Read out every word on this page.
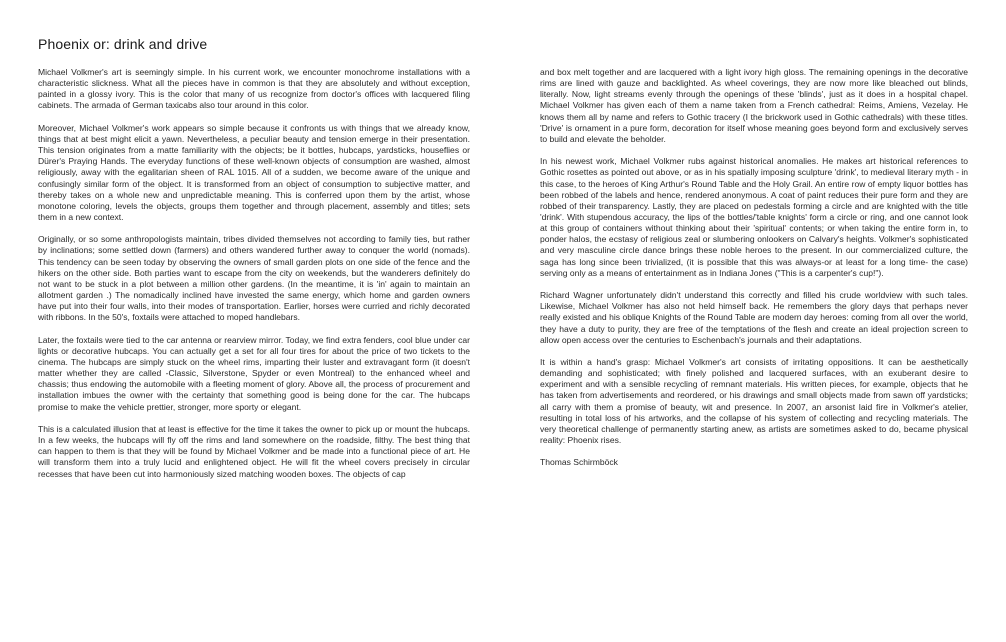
Phoenix or: drink and drive

Michael Volkmer's art is seemingly simple. In his current work, we encounter monochrome installations with a characteristic slickness. What all the pieces have in common is that they are absolutely and without exception, painted in a glossy ivory. This is the color that many of us recognize from doctor's offices with lacquered filing cabinets. The armada of German taxicabs also tour around in this color.

Moreover, Michael Volkmer's work appears so simple because it confronts us with things that we already know, things that at best might elicit a yawn. Nevertheless, a peculiar beauty and tension emerge in their presentation. This tension originates from a matte familiarity with the objects; be it bottles, hubcaps, yardsticks, houseflies or Dürer's Praying Hands. The everyday functions of these well-known objects of consumption are washed, almost religiously, away with the egalitarian sheen of RAL 1015. All of a sudden, we become aware of the unique and confusingly similar form of the object. It is transformed from an object of consumption to subjective matter, and thereby takes on a whole new and unpredictable meaning. This is conferred upon them by the artist, whose monotone coloring, levels the objects, groups them together and through placement, assembly and titles; sets them in a new context.

Originally, or so some anthropologists maintain, tribes divided themselves not according to family ties, but rather by inclinations; some settled down (farmers) and others wandered further away to conquer the world (nomads). This tendency can be seen today by observing the owners of small garden plots on one side of the fence and the hikers on the other side. Both parties want to escape from the city on weekends, but the wanderers definitely do not want to be stuck in a plot between a million other gardens. (In the meantime, it is 'in' again to maintain an allotment garden .) The nomadically inclined have invested the same energy, which home and garden owners have put into their four walls, into their modes of transportation. Earlier, horses were curried and richly decorated with ribbons. In the 50's, foxtails were attached to moped handlebars.

Later, the foxtails were tied to the car antenna or rearview mirror. Today, we find extra fenders, cool blue under car lights or decorative hubcaps. You can actually get a set for all four tires for about the price of two tickets to the cinema. The hubcaps are simply stuck on the wheel rims, imparting their luster and extravagant form (it doesn't matter whether they are called -Classic, Silverstone, Spyder or even Montreal) to the enhanced wheel and chassis; thus endowing the automobile with a fleeting moment of glory. Above all, the process of procurement and installation imbues the owner with the certainty that something good is being done for the car. The hubcaps promise to make the vehicle prettier, stronger, more sporty or elegant.

This is a calculated illusion that at least is effective for the time it takes the owner to pick up or mount the hubcaps. In a few weeks, the hubcaps will fly off the rims and land somewhere on the roadside, filthy. The best thing that can happen to them is that they will be found by Michael Volkmer and be made into a functional piece of art. He will transform them into a truly lucid and enlightened object. He will fit the wheel covers precisely in circular recesses that have been cut into harmoniously sized matching wooden boxes. The objects of cap

and box melt together and are lacquered with a light ivory high gloss. The remaining openings in the decorative rims are lined with gauze and backlighted. As wheel coverings, they are now more like bleached out blinds, literally. Now, light streams evenly through the openings of these 'blinds', just as it does in a hospital chapel. Michael Volkmer has given each of them a name taken from a French cathedral: Reims, Amiens, Vezelay. He knows them all by name and refers to Gothic tracery (I the brickwork used in Gothic cathedrals) with these titles. 'Drive' is ornament in a pure form, decoration for itself whose meaning goes beyond form and exclusively serves to build and elevate the beholder.

In his newest work, Michael Volkmer rubs against historical anomalies. He makes art historical references to Gothic rosettes as pointed out above, or as in his spatially imposing sculpture 'drink', to medieval literary myth - in this case, to the heroes of King Arthur's Round Table and the Holy Grail. An entire row of empty liquor bottles has been robbed of the labels and hence, rendered anonymous. A coat of paint reduces their pure form and they are robbed of their transparency. Lastly, they are placed on pedestals forming a circle and are knighted with the title 'drink'. With stupendous accuracy, the lips of the bottles/'table knights' form a circle or ring, and one cannot look at this group of containers without thinking about their 'spiritual' contents; or when taking the entire form in, to ponder halos, the ecstasy of religious zeal or slumbering onlookers on Calvary's heights. Volkmer's sophisticated and very masculine circle dance brings these noble heroes to the present. In our commercialized culture, the saga has long since been trivialized, (it is possible that this was always-or at least for a long time- the case) serving only as a means of entertainment as in Indiana Jones ("This is a carpenter's cup!").

Richard Wagner unfortunately didn't understand this correctly and filled his crude worldview with such tales. Likewise, Michael Volkmer has also not held himself back. He remembers the glory days that perhaps never really existed and his oblique Knights of the Round Table are modern day heroes: coming from all over the world, they have a duty to purity, they are free of the temptations of the flesh and create an ideal projection screen to allow open access over the centuries to Eschenbach's journals and their adaptations.

It is within a hand's grasp: Michael Volkmer's art consists of irritating oppositions. It can be aesthetically demanding and sophisticated; with finely polished and lacquered surfaces, with an exuberant desire to experiment and with a sensible recycling of remnant materials. His written pieces, for example, objects that he has taken from advertisements and reordered, or his drawings and small objects made from sawn off yardsticks; all carry with them a promise of beauty, wit and presence. In 2007, an arsonist laid fire in Volkmer's atelier, resulting in total loss of his artworks, and the collapse of his system of collecting and recycling materials. The very theoretical challenge of permanently starting anew, as artists are sometimes asked to do, became physical reality: Phoenix rises.

Thomas Schirmböck
